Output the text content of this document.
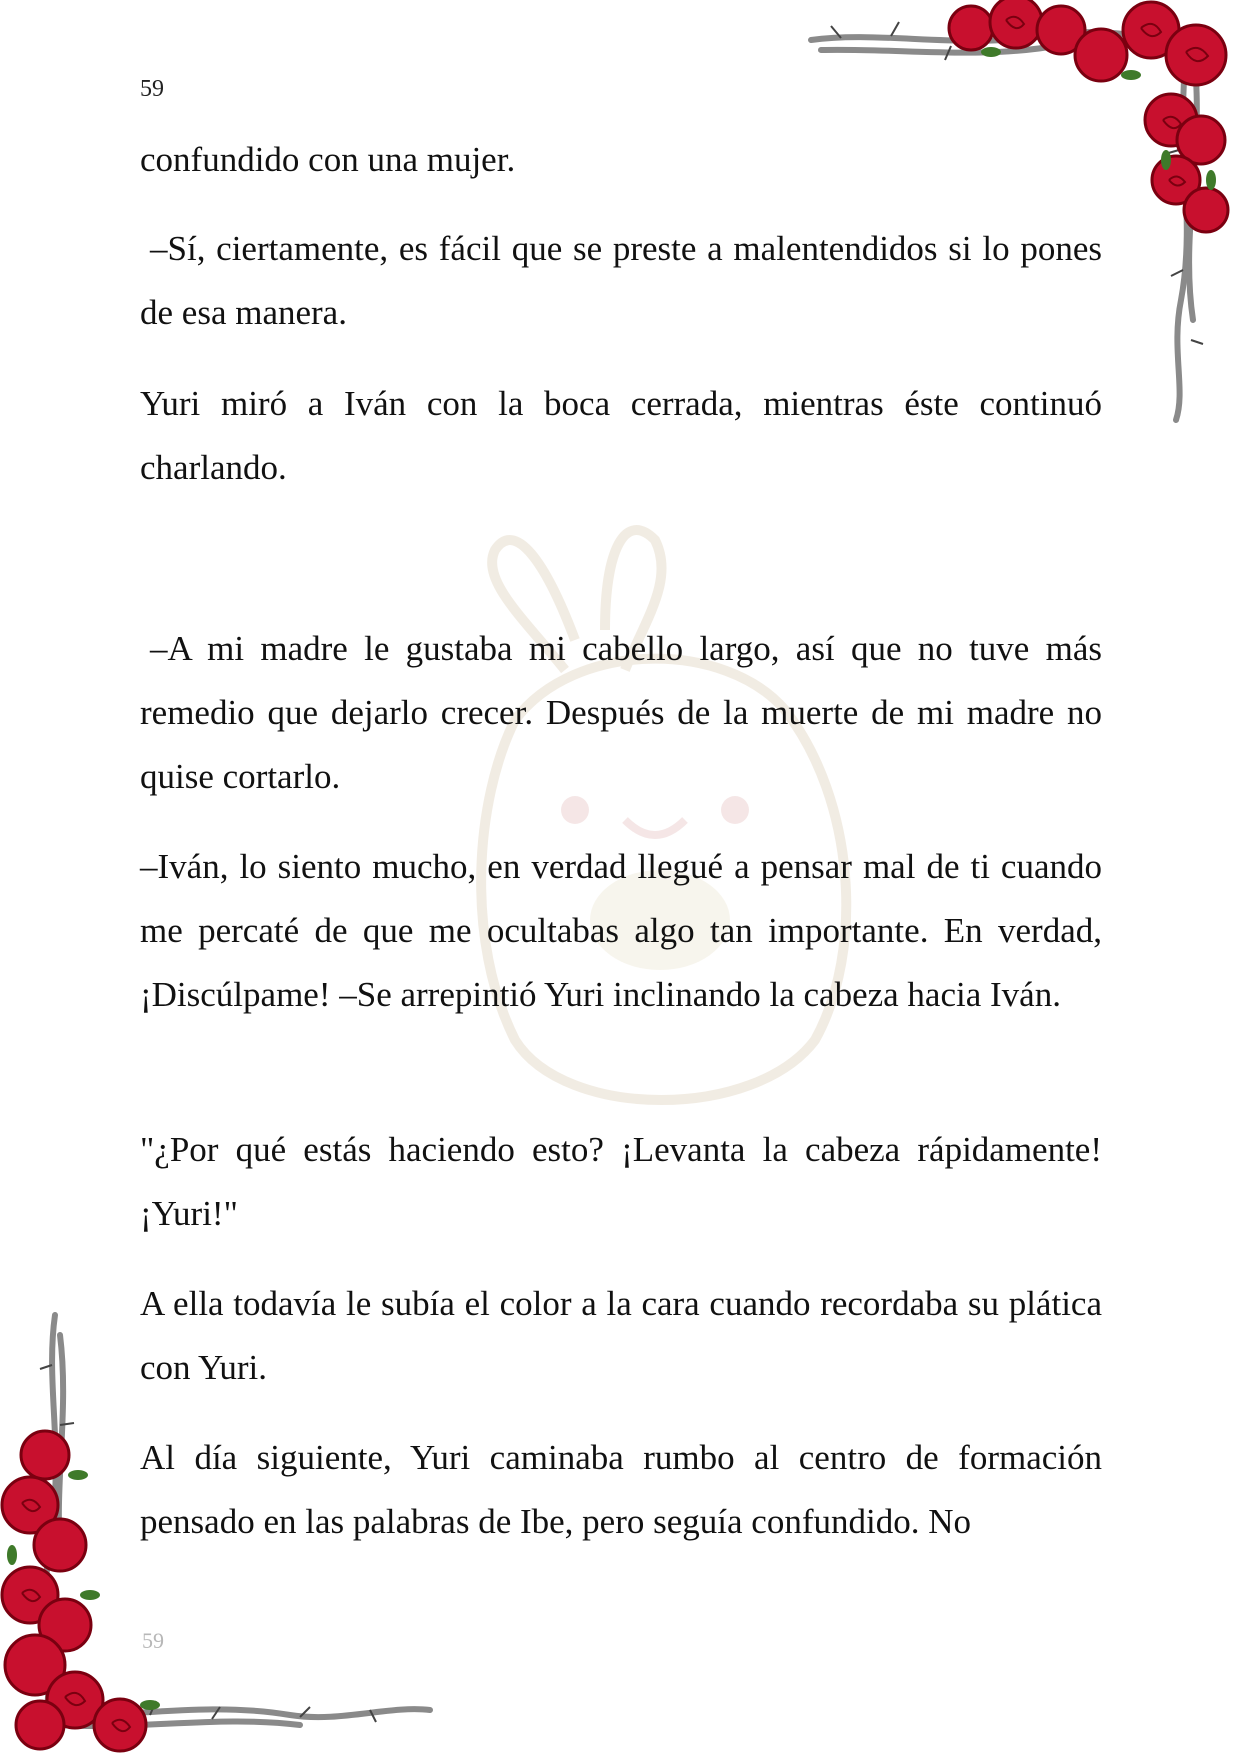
59
59

confundido con una mujer.

–Sí, ciertamente, es fácil que se preste a malentendidos si lo pones de esa manera.

Yuri miró a Iván con la boca cerrada, mientras éste continuó charlando.

–A mi madre le gustaba mi cabello largo, así que no tuve más remedio que dejarlo crecer. Después de la muerte de mi madre no quise cortarlo.

–Iván, lo siento mucho, en verdad llegué a pensar mal de ti cuando me percaté de que me ocultabas algo tan importante. En verdad, ¡Discúlpame! –Se arrepintió Yuri inclinando la cabeza hacia Iván.

"¿Por qué estás haciendo esto? ¡Levanta la cabeza rápidamente! ¡Yuri!"

A ella todavía le subía el color a la cara cuando recordaba su plática con Yuri.

Al día siguiente, Yuri caminaba rumbo al centro de formación pensado en las palabras de Ibe, pero seguía confundido. No
